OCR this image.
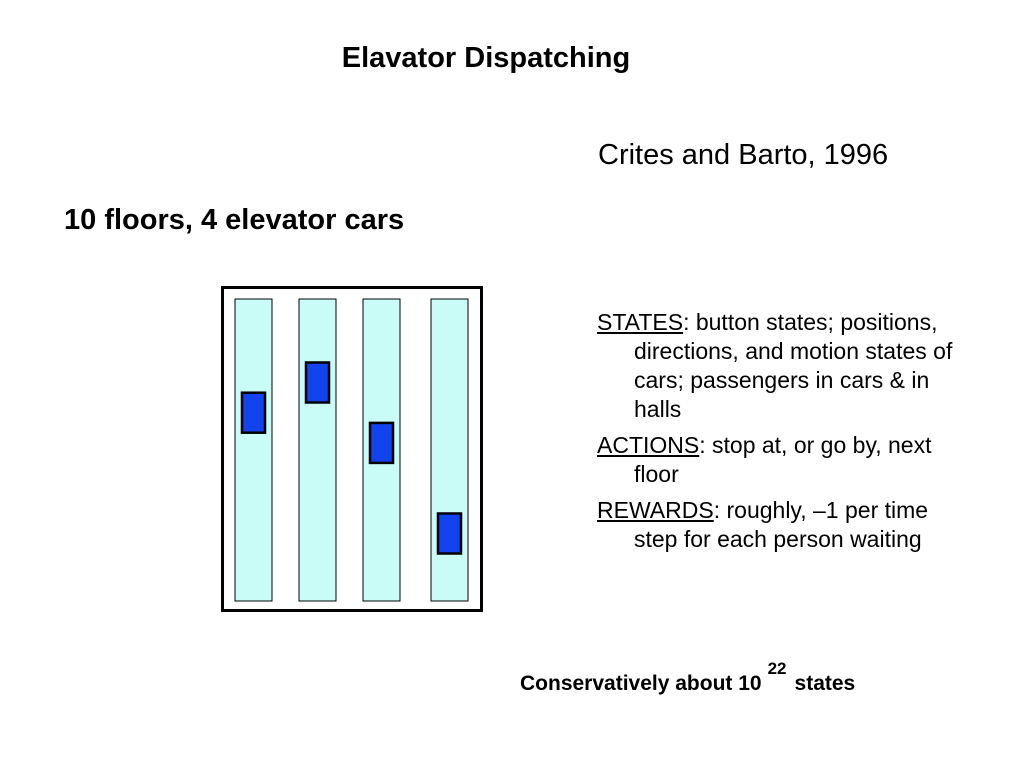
Elavator Dispatching
Crites and Barto, 1996
10 floors, 4 elevator cars
STATES: button states; positions, directions, and motion states of cars; passengers in cars & in halls
ACTIONS: stop at, or go by, next floor
REWARDS: roughly, –1 per time step for each person waiting
Conservatively about $10^{22}states$
